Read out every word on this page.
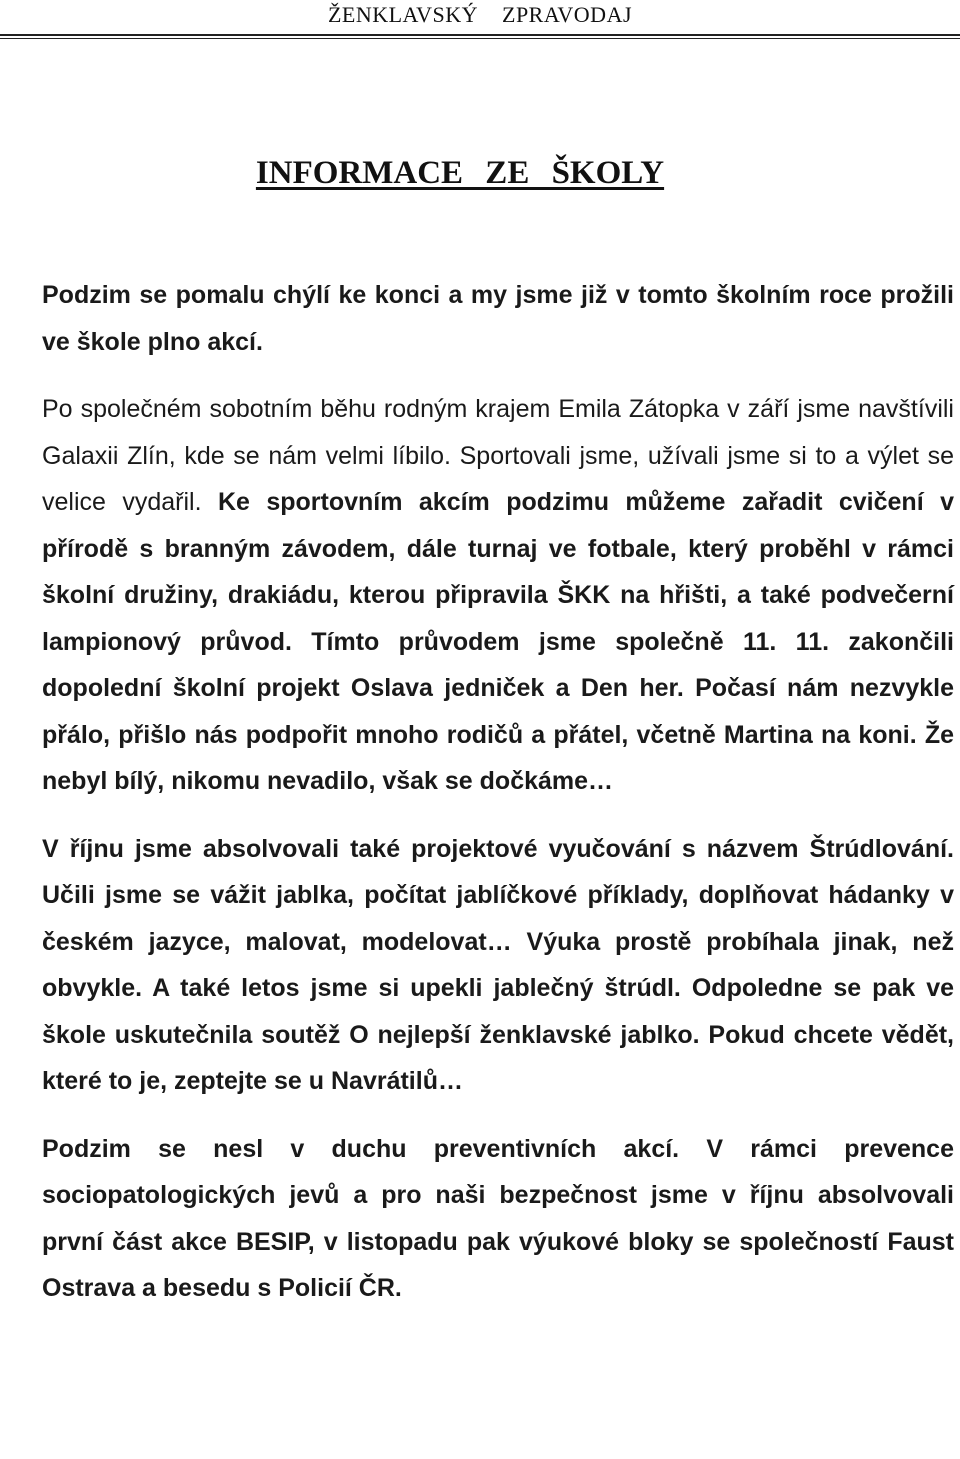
ŽENKLAVSKÝ ZPRAVODAJ
INFORMACE ZE ŠKOLY

Podzim se pomalu chýlí ke konci a my jsme již v tomto školním roce prožili ve škole plno akcí.

Po společném sobotním běhu rodným krajem Emila Zátopka v září jsme navštívili Galaxii Zlín, kde se nám velmi líbilo. Sportovali jsme, užívali jsme si to a výlet se velice vydařil. Ke sportovním akcím podzimu můžeme zařadit cvičení v přírodě s branným závodem, dále turnaj ve fotbale, který proběhl v rámci školní družiny, drakiádu, kterou připravila ŠKK na hřišti, a také podvečerní lampionový průvod. Tímto průvodem jsme společně 11. 11. zakončili dopolední školní projekt Oslava jedniček a Den her. Počasí nám nezvykle přálo, přišlo nás podpořit mnoho rodičů a přátel, včetně Martina na koni. Že nebyl bílý, nikomu nevadilo, však se dočkáme…

V říjnu jsme absolvovali také projektové vyučování s názvem Štrúdlování. Učili jsme se vážit jablka, počítat jablíčkové příklady, doplňovat hádanky v českém jazyce, malovat, modelovat… Výuka prostě probíhala jinak, než obvykle. A také letos jsme si upekli jablečný štrúdl. Odpoledne se pak ve škole uskutečnila soutěž O nejlepší ženklavské jablko. Pokud chcete vědět, které to je, zeptejte se u Navrátilů…

Podzim se nesl v duchu preventivních akcí. V rámci prevence sociopatologických jevů a pro naši bezpečnost jsme v říjnu absolvovali první část akce BESIP, v listopadu pak výukové bloky se společností Faust Ostrava a besedu s Policií ČR.
